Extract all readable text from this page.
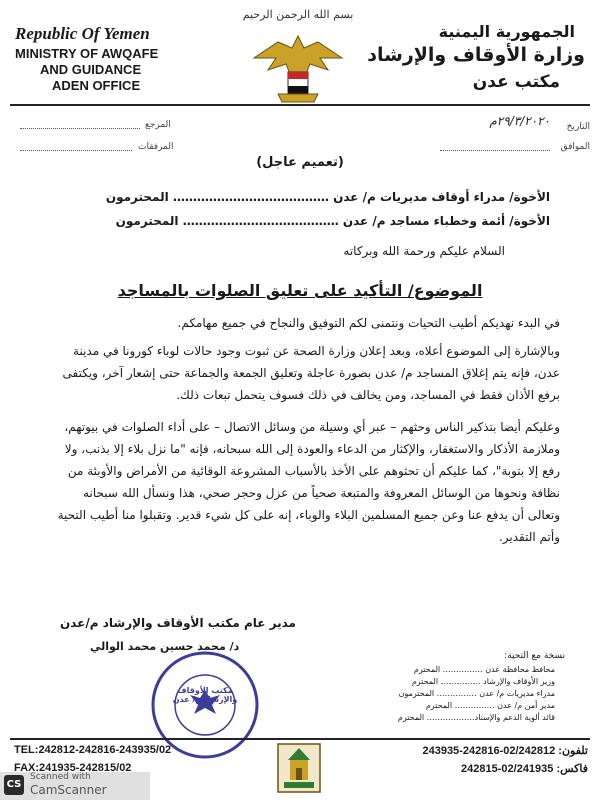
Republic Of Yemen
MINISTRY OF AWQAFE
AND GUIDANCE
ADEN OFFICE
بسم الله الرحمن الرحيم
الجمهورية اليمنية
وزارة الأوقاف والإرشاد
مكتب عدن
المرجع
المرفقات
التاريخ
٢٩/٣/٢٠٢٠م
الموافق
(تعميم عاجل)
الأخوة/ مدراء أوقاف مديريات م/ عدن ………………………………… المحترمون
الأخوة/ أئمة وخطباء مساجد م/ عدن ………………………………… المحترمون
السلام عليكم ورحمة الله وبركاته
الموضوع/ التأكيد على تعليق الصلوات بالمساجد

في البدء نهديكم أطيب التحيات ونتمنى لكم التوفيق والنجاح في جميع مهامكم.

وبالإشارة إلى الموضوع أعلاه، وبعد إعلان وزارة الصحة عن ثبوت وجود حالات لوباء كورونا في مدينة عدن، فإنه يتم إغلاق المساجد م/ عدن بصورة عاجلة وتعليق الجمعة والجماعة حتى إشعار آخر، ويكتفى برفع الأذان فقط في المساجد، ومن يخالف في ذلك فسوف يتحمل تبعات ذلك.

وعليكم أيضا بتذكير الناس وحثهم – عبر أي وسيلة من وسائل الاتصال – على أداء الصلوات في بيوتهم، وملازمة الأذكار والاستغفار، والإكثار من الدعاء والعودة إلى الله سبحانه، فإنه "ما نزل بلاء إلا بذنب، ولا رفع إلا بتوبة"، كما عليكم أن تحثوهم على الأخذ بالأسباب المشروعة الوقائية من الأمراض والأوبئة من نظافة ونحوها من الوسائل المعروفة والمتبعة صحياً من عزل وحجر صحي، هذا ونسأل الله سبحانه وتعالى أن يدفع عنا وعن جميع المسلمين البلاء والوباء، إنه على كل شيء قدير. وتقبلوا منا أطيب التحية وأتم التقدير.

مدير عام مكتب الأوقاف والإرشاد م/عدن
د/ محمد حسين محمد الوالي
مكتب الأوقاف والإرشاد م/ عدن
نسخة مع التحية:
محافظ محافظة عدن …………… المحترم
وزير الأوقاف والإرشاد …………… المحترم
مدراء مديريات م/ عدن …………… المحترمون
مدير أمن م/ عدن …………… المحترم
قائد ألوية الدعم والإسناد……………… المحترم
TEL:242812-242816-243935/02
FAX:241935-242815/02
تلفون: 02/242812-242816-243935
فاكس: 02/241935-242815
CS
Scanned with
CamScanner
